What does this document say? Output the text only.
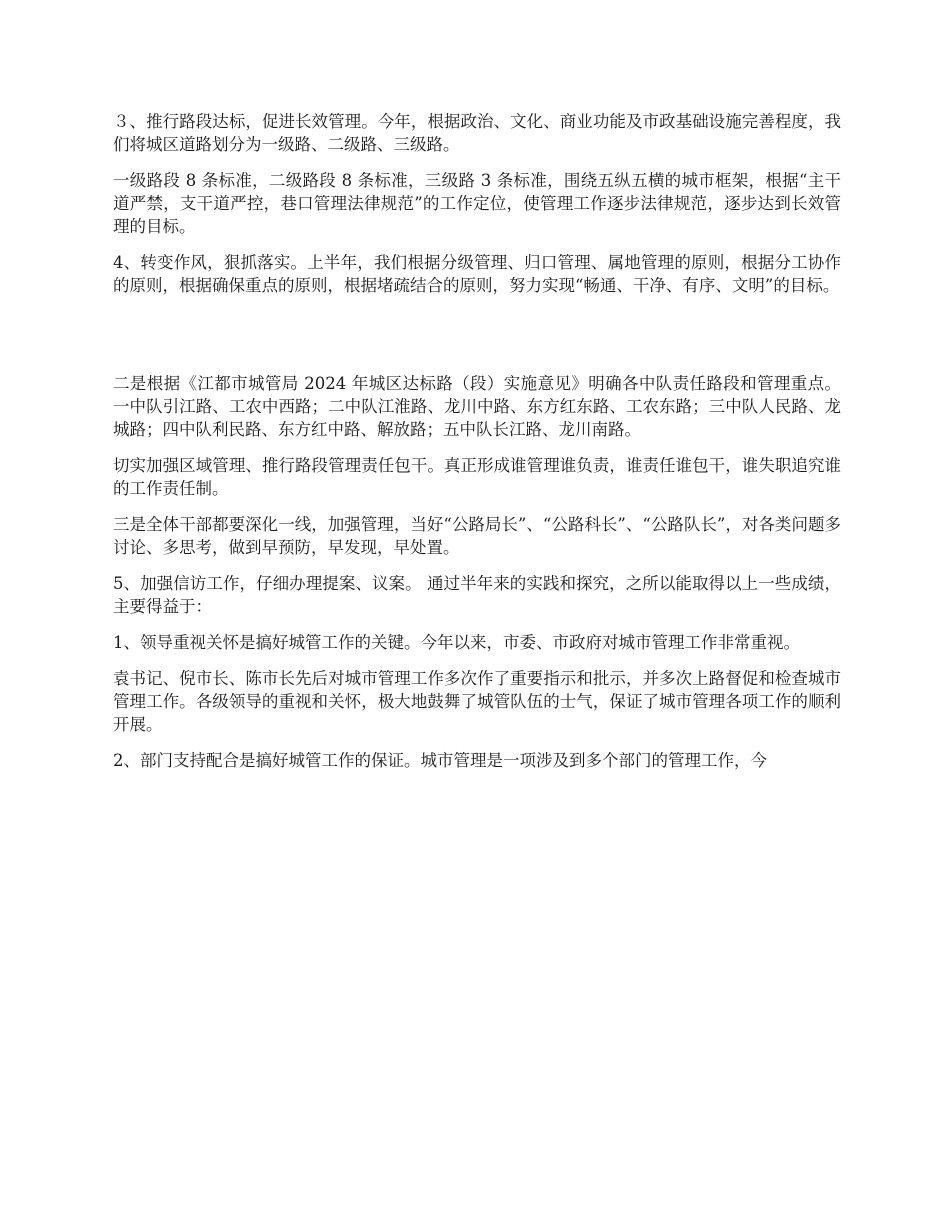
３、推行路段达标，促进长效管理。今年，根据政治、文化、商业功能及市政基础设施完善程度，我们将城区道路划分为一级路、二级路、三级路。

一级路段 8 条标准，二级路段 8 条标准，三级路 3 条标准，围绕五纵五横的城市框架，根据“主干道严禁，支干道严控，巷口管理法律规范”的工作定位，使管理工作逐步法律规范，逐步达到长效管理的目标。

4、转变作风，狠抓落实。上半年，我们根据分级管理、归口管理、属地管理的原则，根据分工协作的原则，根据确保重点的原则，根据堵疏结合的原则，努力实现“畅通、干净、有序、文明”的目标。

二是根据《江都市城管局 2024 年城区达标路（段）实施意见》明确各中队责任路段和管理重点。一中队引江路、工农中西路；二中队江淮路、龙川中路、东方红东路、工农东路；三中队人民路、龙城路；四中队利民路、东方红中路、解放路；五中队长江路、龙川南路。

切实加强区域管理、推行路段管理责任包干。真正形成谁管理谁负责，谁责任谁包干，谁失职追究谁的工作责任制。

三是全体干部都要深化一线，加强管理，当好“公路局长”、“公路科长”、“公路队长”，对各类问题多讨论、多思考，做到早预防，早发现，早处置。

5、加强信访工作，仔细办理提案、议案。 通过半年来的实践和探究，之所以能取得以上一些成绩，主要得益于：

1、领导重视关怀是搞好城管工作的关键。今年以来，市委、市政府对城市管理工作非常重视。

袁书记、倪市长、陈市长先后对城市管理工作多次作了重要指示和批示，并多次上路督促和检查城市管理工作。各级领导的重视和关怀，极大地鼓舞了城管队伍的士气，保证了城市管理各项工作的顺利开展。

2、部门支持配合是搞好城管工作的保证。城市管理是一项涉及到多个部门的管理工作，今
